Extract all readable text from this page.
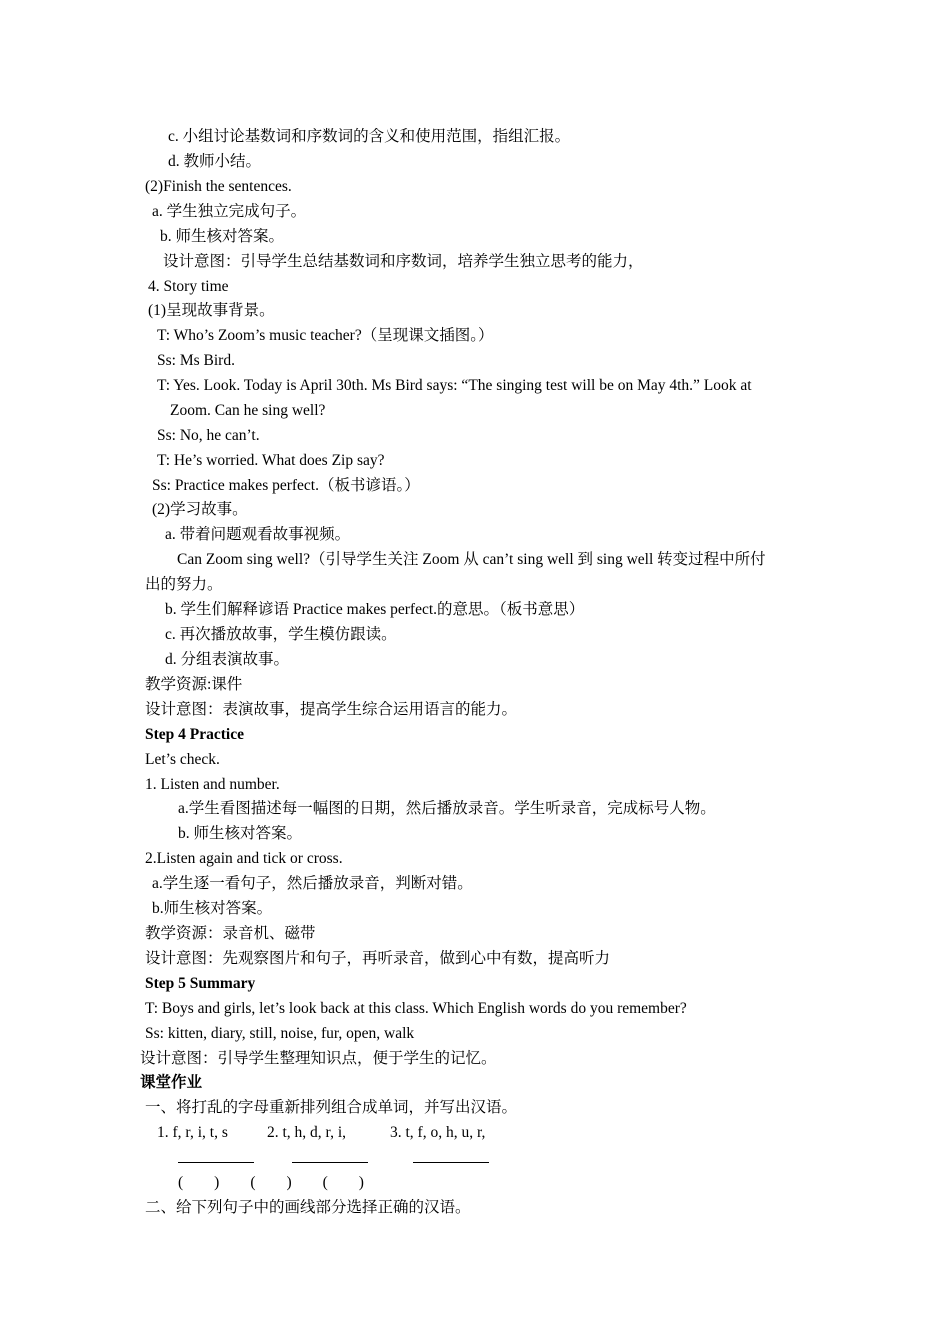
c. 小组讨论基数词和序数词的含义和使用范围，指组汇报。
d. 教师小结。
(2)Finish the sentences.
a. 学生独立完成句子。
b. 师生核对答案。
设计意图：引导学生总结基数词和序数词，培养学生独立思考的能力，
4. Story time
(1)呈现故事背景。
T: Who’s Zoom’s music teacher?（呈现课文插图。）
Ss: Ms Bird.
T: Yes. Look. Today is April 30th. Ms Bird says: “The singing test will be on May 4th.” Look at
Zoom. Can he sing well?
Ss: No, he can’t.
T: He’s worried. What does Zip say?
Ss: Practice makes perfect.（板书谚语。）
(2)学习故事。
a. 带着问题观看故事视频。
Can Zoom sing well?（引导学生关注 Zoom 从 can’t sing well 到 sing well 转变过程中所付
出的努力。
b. 学生们解释谚语 Practice makes perfect.的意思。（板书意思）
c. 再次播放故事，学生模仿跟读。
d. 分组表演故事。
教学资源:课件
设计意图：表演故事，提高学生综合运用语言的能力。
Step 4 Practice
Let’s check.
1. Listen and number.
a.学生看图描述每一幅图的日期，然后播放录音。学生听录音，完成标号人物。
b. 师生核对答案。
2.Listen again and tick or cross.
a.学生逐一看句子，然后播放录音，判断对错。
b.师生核对答案。
教学资源：录音机、磁带
设计意图：先观察图片和句子，再听录音，做到心中有数，提高听力
Step 5 Summary
T: Boys and girls, let’s look back at this class. Which English words do you remember?
Ss: kitten, diary, still, noise, fur, open, walk
设计意图：引导学生整理知识点，便于学生的记忆。
课堂作业
一、将打乱的字母重新排列组合成单词，并写出汉语。
1. f, r, i, t, s	2. t, h, d, r, i,	3. t, f, o, h, u, r,
(　　)　　(　　)　　(　　)
二、给下列句子中的画线部分选择正确的汉语。
